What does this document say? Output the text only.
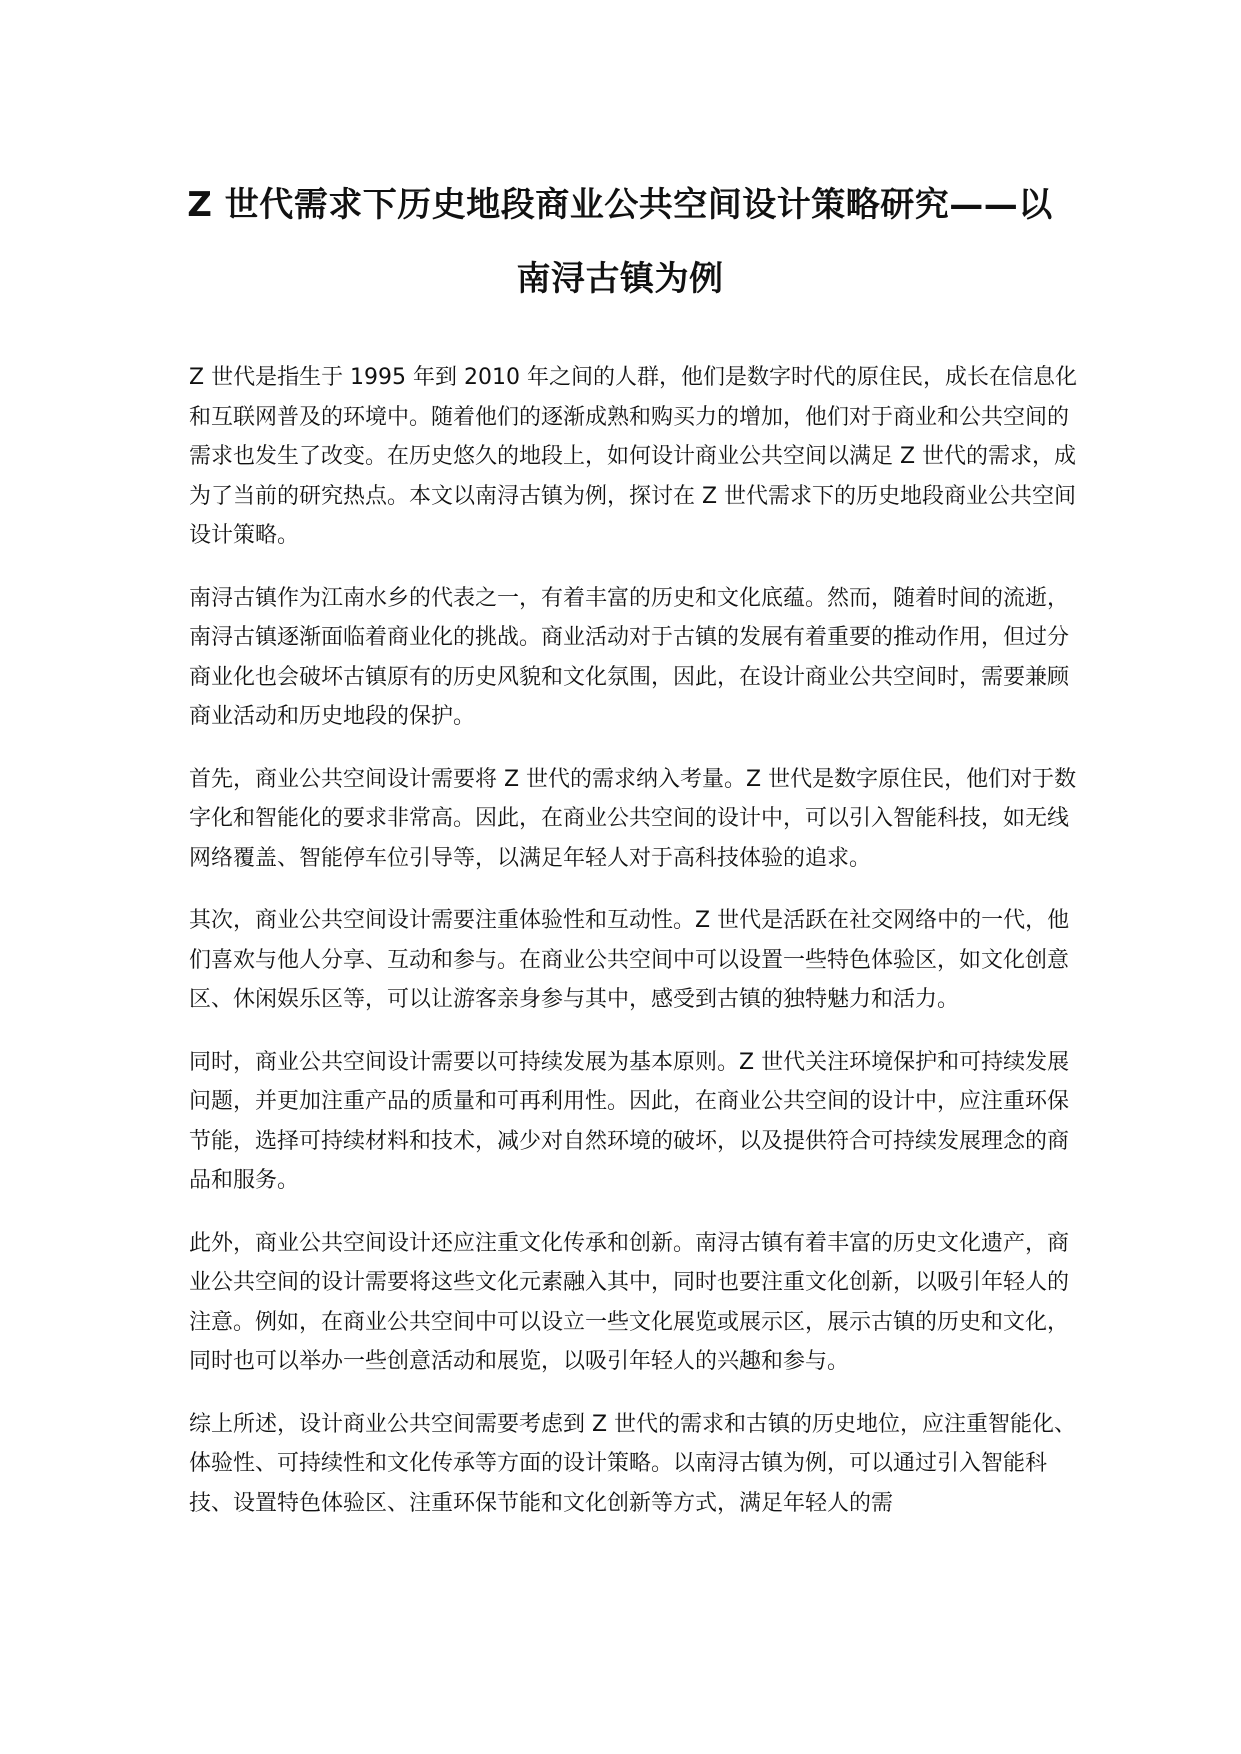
Z 世代需求下历史地段商业公共空间设计策略研究——以南浔古镇为例

Z 世代是指生于 1995 年到 2010 年之间的人群，他们是数字时代的原住民，成长在信息化和互联网普及的环境中。随着他们的逐渐成熟和购买力的增加，他们对于商业和公共空间的需求也发生了改变。在历史悠久的地段上，如何设计商业公共空间以满足 Z 世代的需求，成为了当前的研究热点。本文以南浔古镇为例，探讨在 Z 世代需求下的历史地段商业公共空间设计策略。

南浔古镇作为江南水乡的代表之一，有着丰富的历史和文化底蕴。然而，随着时间的流逝，南浔古镇逐渐面临着商业化的挑战。商业活动对于古镇的发展有着重要的推动作用，但过分商业化也会破坏古镇原有的历史风貌和文化氛围，因此，在设计商业公共空间时，需要兼顾商业活动和历史地段的保护。

首先，商业公共空间设计需要将 Z 世代的需求纳入考量。Z 世代是数字原住民，他们对于数字化和智能化的要求非常高。因此，在商业公共空间的设计中，可以引入智能科技，如无线网络覆盖、智能停车位引导等，以满足年轻人对于高科技体验的追求。

其次，商业公共空间设计需要注重体验性和互动性。Z 世代是活跃在社交网络中的一代，他们喜欢与他人分享、互动和参与。在商业公共空间中可以设置一些特色体验区，如文化创意区、休闲娱乐区等，可以让游客亲身参与其中，感受到古镇的独特魅力和活力。

同时，商业公共空间设计需要以可持续发展为基本原则。Z 世代关注环境保护和可持续发展问题，并更加注重产品的质量和可再利用性。因此，在商业公共空间的设计中，应注重环保节能，选择可持续材料和技术，减少对自然环境的破坏，以及提供符合可持续发展理念的商品和服务。

此外，商业公共空间设计还应注重文化传承和创新。南浔古镇有着丰富的历史文化遗产，商业公共空间的设计需要将这些文化元素融入其中，同时也要注重文化创新，以吸引年轻人的注意。例如，在商业公共空间中可以设立一些文化展览或展示区，展示古镇的历史和文化，同时也可以举办一些创意活动和展览，以吸引年轻人的兴趣和参与。

综上所述，设计商业公共空间需要考虑到 Z 世代的需求和古镇的历史地位，应注重智能化、体验性、可持续性和文化传承等方面的设计策略。以南浔古镇为例，可以通过引入智能科技、设置特色体验区、注重环保节能和文化创新等方式，满足年轻人的需
